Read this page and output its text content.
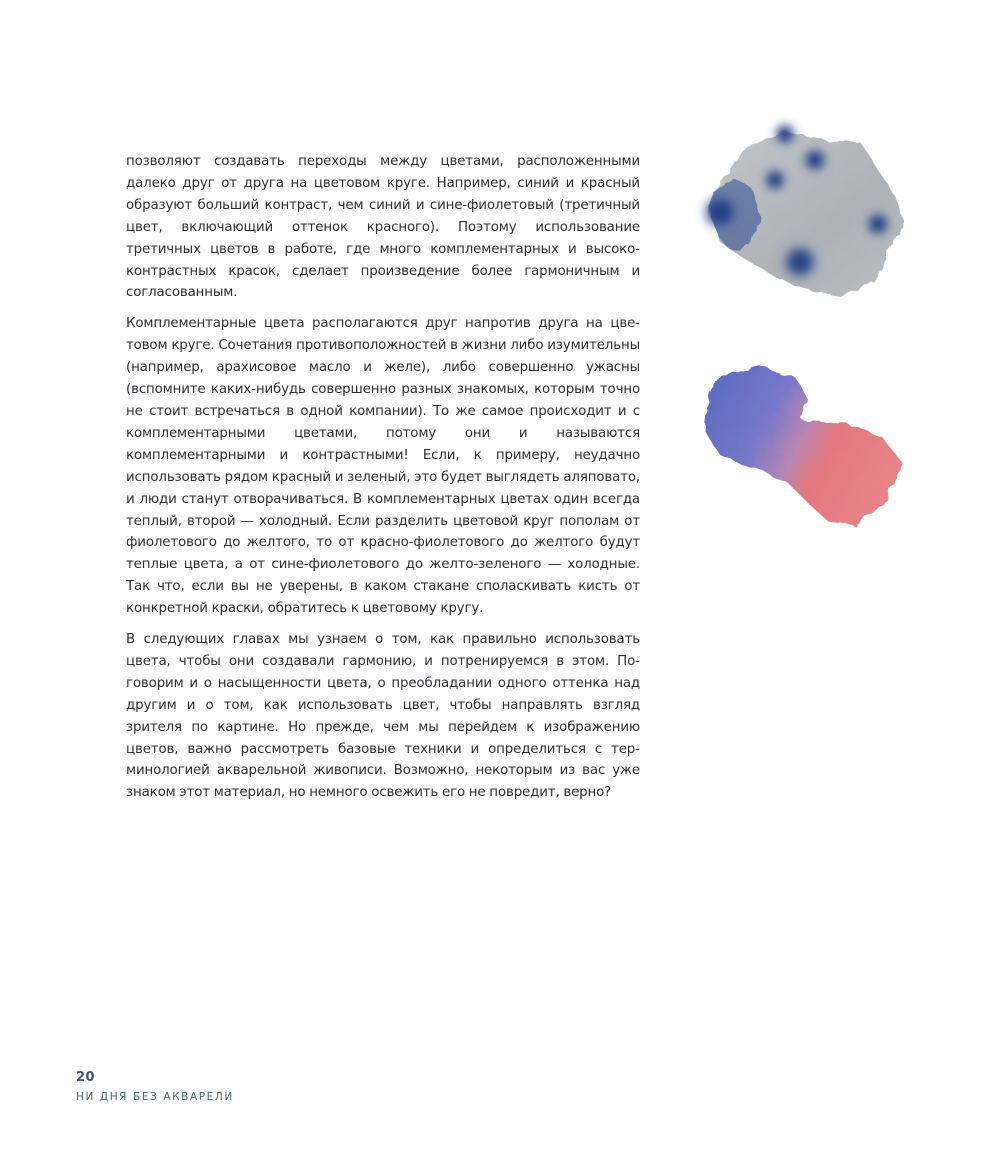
позволяют создавать переходы между цветами, расположенными далеко друг от друга на цветовом круге. Например, синий и красный образуют больший контраст, чем синий и сине-фиолетовый (третичный цвет, включающий оттенок красного). Поэтому использование третичных цветов в работе, где много комплементарных и высококонтрастных красок, сделает произведение более гармоничным и согласованным.

Комплементарные цвета располагаются друг напротив друга на цветовом круге. Сочетания противоположностей в жизни либо изумительны (например, арахисовое масло и желе), либо совершенно ужасны (вспомните каких-нибудь совершенно разных знакомых, которым точно не стоит встречаться в одной компании). То же самое происходит и с комплементарными цветами, потому они и называются комплементарными и контрастными! Если, к примеру, неудачно использовать рядом красный и зеленый, это будет выглядеть аляповато, и люди станут отворачиваться. В комплементарных цветах один всегда теплый, второй — холодный. Если разделить цветовой круг пополам от фиолетового до желтого, то от красно-фиолетового до желтого будут теплые цвета, а от сине-фиолетового до желто-зеленого — холодные. Так что, если вы не уверены, в каком стакане споласкивать кисть от конкретной краски, обратитесь к цветовому кругу.

В следующих главах мы узнаем о том, как правильно использовать цвета, чтобы они создавали гармонию, и потренируемся в этом. Поговорим и о насыщенности цвета, о преобладании одного оттенка над другим и о том, как использовать цвет, чтобы направлять взгляд зрителя по картине. Но прежде, чем мы перейдем к изображению цветов, важно рассмотреть базовые техники и определиться с терминологией акварельной живописи. Возможно, некоторым из вас уже знаком этот материал, но немного освежить его не повредит, верно?

20
НИ ДНЯ БЕЗ АКВАРЕЛИ
